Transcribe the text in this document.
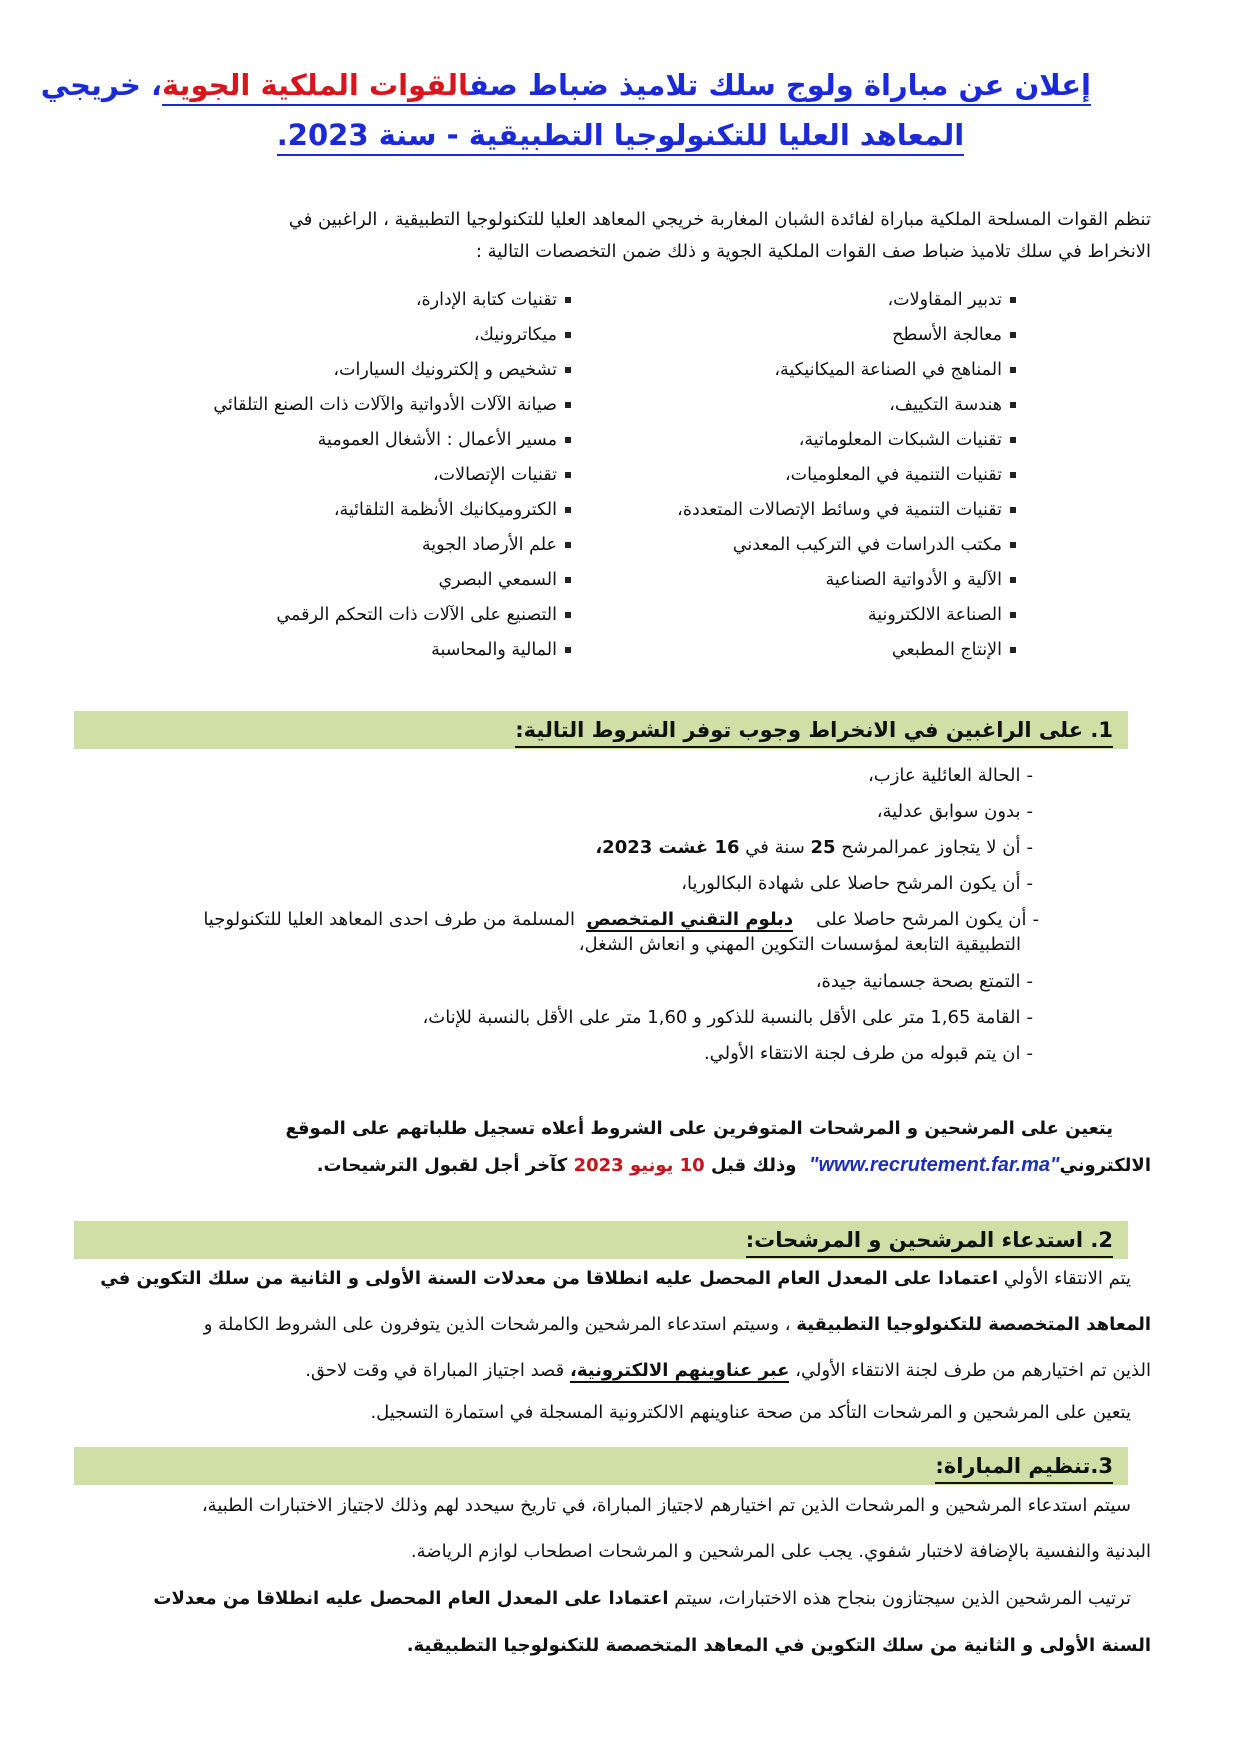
إعلان عن مباراة ولوج سلك تلاميذ ضباط صفالقوات الملكية الجوية، خريجي
المعاهد العليا للتكنولوجيا التطبيقية - سنة 2023.
تنظم القوات المسلحة الملكية مباراة لفائدة الشبان المغاربة خريجي المعاهد العليا للتكنولوجيا التطبيقية ، الراغبين في
الانخراط في سلك تلاميذ ضباط صف القوات الملكية الجوية و ذلك ضمن التخصصات التالية :
تدبير المقاولات،
معالجة الأسطح
المناهج في الصناعة الميكانيكية،
هندسة التكييف،
تقنيات الشبكات المعلوماتية،
تقنيات التنمية في المعلوميات،
تقنيات التنمية في وسائط الإتصالات المتعددة،
مكتب الدراسات في التركيب المعدني
الآلية و الأدواتية الصناعية
الصناعة الالكترونية
الإنتاج المطبعي
تقنيات كتابة الإدارة،
ميكاترونيك،
تشخيص و إلكترونيك السيارات،
صيانة الآلات الأدواتية والآلات ذات الصنع التلقائي
مسير الأعمال : الأشغال العمومية
تقنيات الإتصالات،
الكتروميكانيك الأنظمة التلقائية،
علم الأرصاد الجوية
السمعي البصري
التصنيع على الآلات ذات التحكم الرقمي
المالية والمحاسبة
1. على الراغبين في الانخراط وجوب توفر الشروط التالية:
-الحالة العائلية عازب،
-بدون سوابق عدلية،
-أن لا يتجاوز عمرالمرشح 25 سنة في 16 غشت 2023،
-أن يكون المرشح حاصلا على شهادة البكالوريا،
-أن يكون المرشح حاصلا على    دبلوم التقني المتخصص  المسلمة من طرف احدى المعاهد العليا للتكنولوجيا
التطبيقية التابعة لمؤسسات التكوين المهني و انعاش الشغل،
-التمتع بصحة جسمانية جيدة،
-القامة 1,65 متر على الأقل بالنسبة للذكور و 1,60 متر على الأقل بالنسبة للإناث،
-ان يتم قبوله من طرف لجنة الانتقاء الأولي.
يتعين على المرشحين و المرشحات المتوفرين على الشروط أعلاه تسجيل طلباتهم على الموقع
الالكتروني"www.recrutement.far.ma"  وذلك قبل 10 يونيو 2023 كآخر أجل لقبول الترشيحات.
2. استدعاء المرشحين و المرشحات:
يتم الانتقاء الأولي اعتمادا على المعدل العام المحصل عليه انطلاقا من معدلات السنة الأولى و الثانية من سلك التكوين في
المعاهد المتخصصة للتكنولوجيا التطبيقية ، وسيتم استدعاء المرشحين والمرشحات الذين يتوفرون على الشروط الكاملة و
الذين تم اختيارهم من طرف لجنة الانتقاء الأولي، عبر عناوينهم الالكترونية، قصد اجتياز المباراة في وقت لاحق.
يتعين على المرشحين و المرشحات التأكد من صحة عناوينهم الالكترونية المسجلة في استمارة التسجيل.
3.تنظيم المباراة:
سيتم استدعاء المرشحين و المرشحات الذين تم اختيارهم لاجتياز المباراة، في تاريخ سيحدد لهم وذلك لاجتياز الاختبارات الطبية،
البدنية والنفسية بالإضافة لاختبار شفوي. يجب على المرشحين و المرشحات اصطحاب لوازم الرياضة.
ترتيب المرشحين الذين سيجتازون بنجاح هذه الاختبارات، سيتم اعتمادا على المعدل العام المحصل عليه انطلاقا من معدلات
السنة الأولى و الثانية من سلك التكوين في المعاهد المتخصصة للتكنولوجيا التطبيقية.
